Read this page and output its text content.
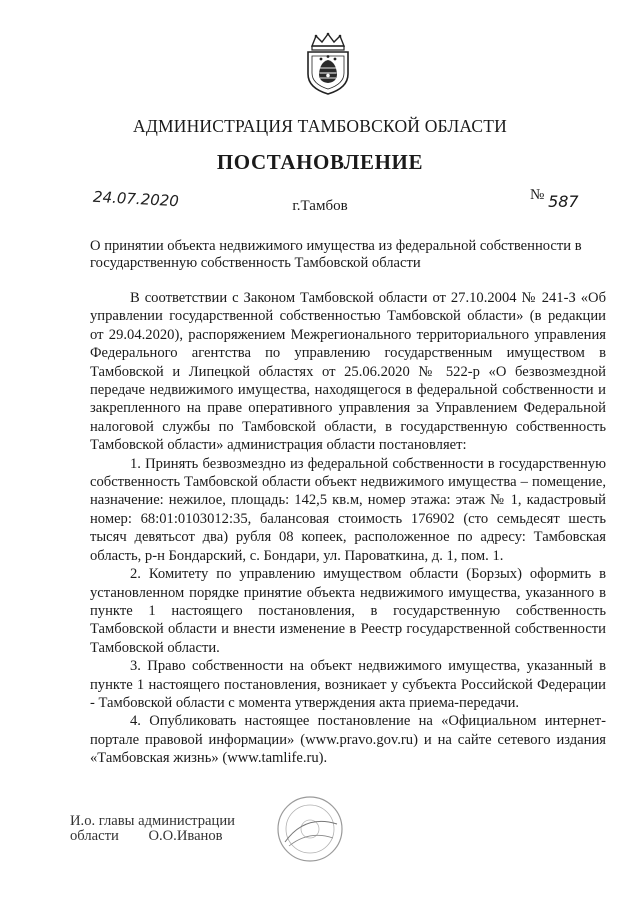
АДМИНИСТРАЦИЯ ТАМБОВСКОЙ ОБЛАСТИ
ПОСТАНОВЛЕНИЕ
24.07.2020	г.Тамбов
№ 587
О принятии объекта недвижимого имущества из федеральной собственности в государственную собственность Тамбовской области

В соответствии с Законом Тамбовской области от 27.10.2004 № 241-З «Об управлении государственной собственностью Тамбовской области» (в редакции от 29.04.2020), распоряжением Межрегионального территориального управления Федерального агентства по управлению государственным имуществом в Тамбовской и Липецкой областях от 25.06.2020 № 522-р «О безвозмездной передаче недвижимого имущества, находящегося в федеральной собственности и закрепленного на праве оперативного управления за Управлением Федеральной налоговой службы по Тамбовской области, в государственную собственность Тамбовской области» администрация области постановляет:

1. Принять безвозмездно из федеральной собственности в государственную собственность Тамбовской области объект недвижимого имущества – помещение, назначение: нежилое, площадь: 142,5 кв.м, номер этажа: этаж № 1, кадастровый номер: 68:01:0103012:35, балансовая стоимость 176902 (сто семьдесят шесть тысяч девятьсот два) рубля 08 копеек, расположенное по адресу: Тамбовская область, р-н Бондарский, с. Бондари, ул. Пароваткина, д. 1, пом. 1.

2. Комитету по управлению имуществом области (Борзых) оформить в установленном порядке принятие объекта недвижимого имущества, указанного в пункте 1 настоящего постановления, в государственную собственность Тамбовской области и внести изменение в Реестр государственной собственности Тамбовской области.

3. Право собственности на объект недвижимого имущества, указанный в пункте 1 настоящего постановления, возникает у субъекта Российской Федерации - Тамбовской области с момента утверждения акта приема-передачи.

4. Опубликовать настоящее постановление на «Официальном интернет-портале правовой информации» (www.pravo.gov.ru) и на сайте сетевого издания «Тамбовская жизнь» (www.tamlife.ru).

И.о. главы администрации
области О.О.Иванов
